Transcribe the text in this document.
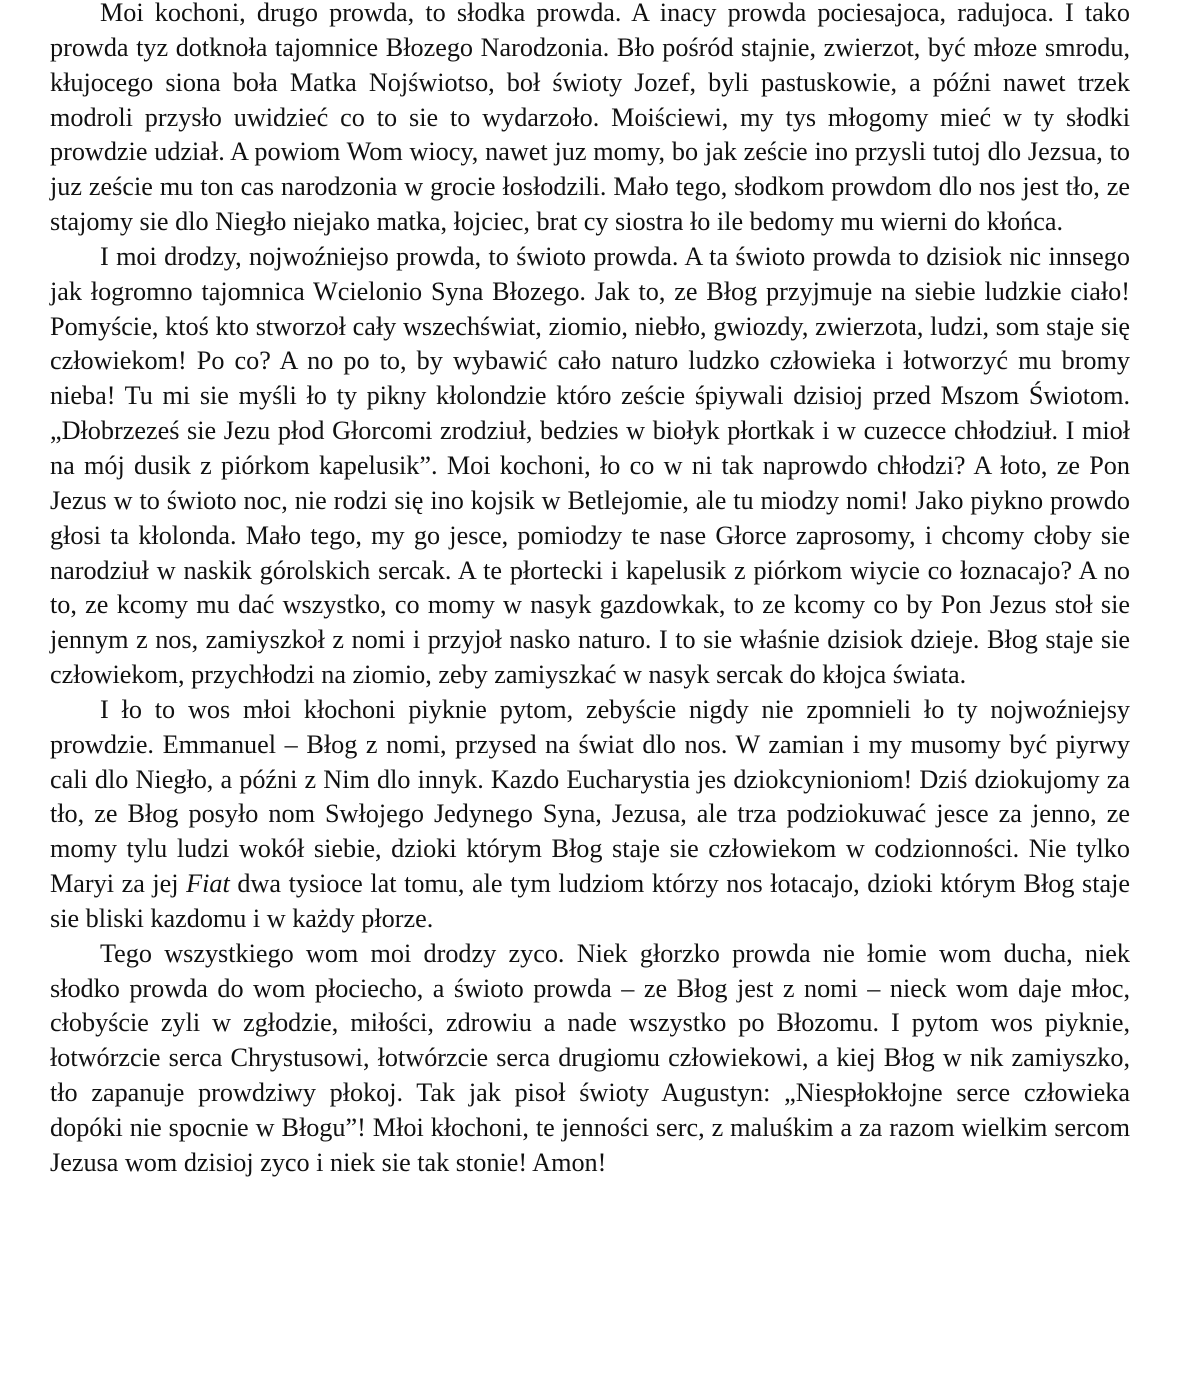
Moi kochoni, drugo prowda, to słodka prowda. A inacy prowda pociesajoca, radujoca. I tako prowda tyz dotknoła tajomnice Błozego Narodzonia. Bło pośród stajnie, zwierzot, być młoze smrodu, kłujocego siona boła Matka Nojświotso, boł świoty Jozef, byli pastuskowie, a późni nawet trzek modroli przysło uwidzieć co to sie to wydarzoło. Moiściewi, my tys młogomy mieć w ty słodki prowdzie udział. A powiom Wom wiocy, nawet juz momy, bo jak zeście ino przysli tutoj dlo Jezsua, to juz zeście mu ton cas narodzonia w grocie łosłodzili. Mało tego, słodkom prowdom dlo nos jest tło, ze stajomy sie dlo Niegło niejako matka, łojciec, brat cy siostra ło ile bedomy mu wierni do kłońca.

I moi drodzy, nojwoźniejso prowda, to świoto prowda. A ta świoto prowda to dzisiok nic innsego jak łogromno tajomnica Wcielonio Syna Błozego. Jak to, ze Błog przyjmuje na siebie ludzkie ciało! Pomyście, ktoś kto stworzoł cały wszechświat, ziomio, niebło, gwiozdy, zwierzota, ludzi, som staje się człowiekom! Po co? A no po to, by wybawić cało naturo ludzko człowieka i łotworzyć mu bromy nieba! Tu mi sie myśli ło ty pikny kłolondzie któro zeście śpiywali dzisioj przed Mszom Świotom. „Dłobrzeześ sie Jezu płod Głorcomi zrodziuł, bedzies w biołyk płortkak i w cuzecce chłodziuł. I mioł na mój dusik z piórkom kapelusik”. Moi kochoni, ło co w ni tak naprowdo chłodzi? A łoto, ze Pon Jezus w to świoto noc, nie rodzi się ino kojsik w Betlejomie, ale tu miodzy nomi! Jako piykno prowdo głosi ta kłolonda. Mało tego, my go jesce, pomiodzy te nase Głorce zaprosomy, i chcomy cłoby sie narodziuł w naskik górolskich sercak. A te płortecki i kapelusik z piórkom wiycie co łoznacajo? A no to, ze kcomy mu dać wszystko, co momy w nasyk gazdowkak, to ze kcomy co by Pon Jezus stoł sie jennym z nos, zamiyszkoł z nomi i przyjoł nasko naturo. I to sie właśnie dzisiok dzieje. Błog staje sie człowiekom, przychłodzi na ziomio, zeby zamiyszkać w nasyk sercak do kłojca świata.

I ło to wos młoi kłochoni piyknie pytom, zebyście nigdy nie zpomnieli ło ty nojwoźniejsy prowdzie. Emmanuel – Błog z nomi, przysed na świat dlo nos. W zamian i my musomy być piyrwy cali dlo Niegło, a późni z Nim dlo innyk. Kazdo Eucharystia jes dziokcynioniom! Dziś dziokujomy za tło, ze Błog posyło nom Swłojego Jedynego Syna, Jezusa, ale trza podziokuwać jesce za jenno, ze momy tylu ludzi wokół siebie, dzioki którym Błog staje sie człowiekom w codzionności. Nie tylko Maryi za jej Fiat dwa tysioce lat tomu, ale tym ludziom którzy nos łotacajo, dzioki którym Błog staje sie bliski kazdomu i w każdy płorze.

Tego wszystkiego wom moi drodzy zyco. Niek głorzko prowda nie łomie wom ducha, niek słodko prowda do wom płociecho, a świoto prowda – ze Błog jest z nomi – nieck wom daje młoc, cłobyście zyli w zgłodzie, miłości, zdrowiu a nade wszystko po Błozomu. I pytom wos piyknie, łotwórzcie serca Chrystusowi, łotwórzcie serca drugiomu człowiekowi, a kiej Błog w nik zamiyszko, tło zapanuje prowdziwy płokoj. Tak jak pisoł świoty Augustyn: „Niespłokłojne serce człowieka dopóki nie spocnie w Błogu”! Młoi kłochoni, te jenności serc, z maluśkim a za razom wielkim sercom Jezusa wom dzisioj zyco i niek sie tak stonie! Amon!
